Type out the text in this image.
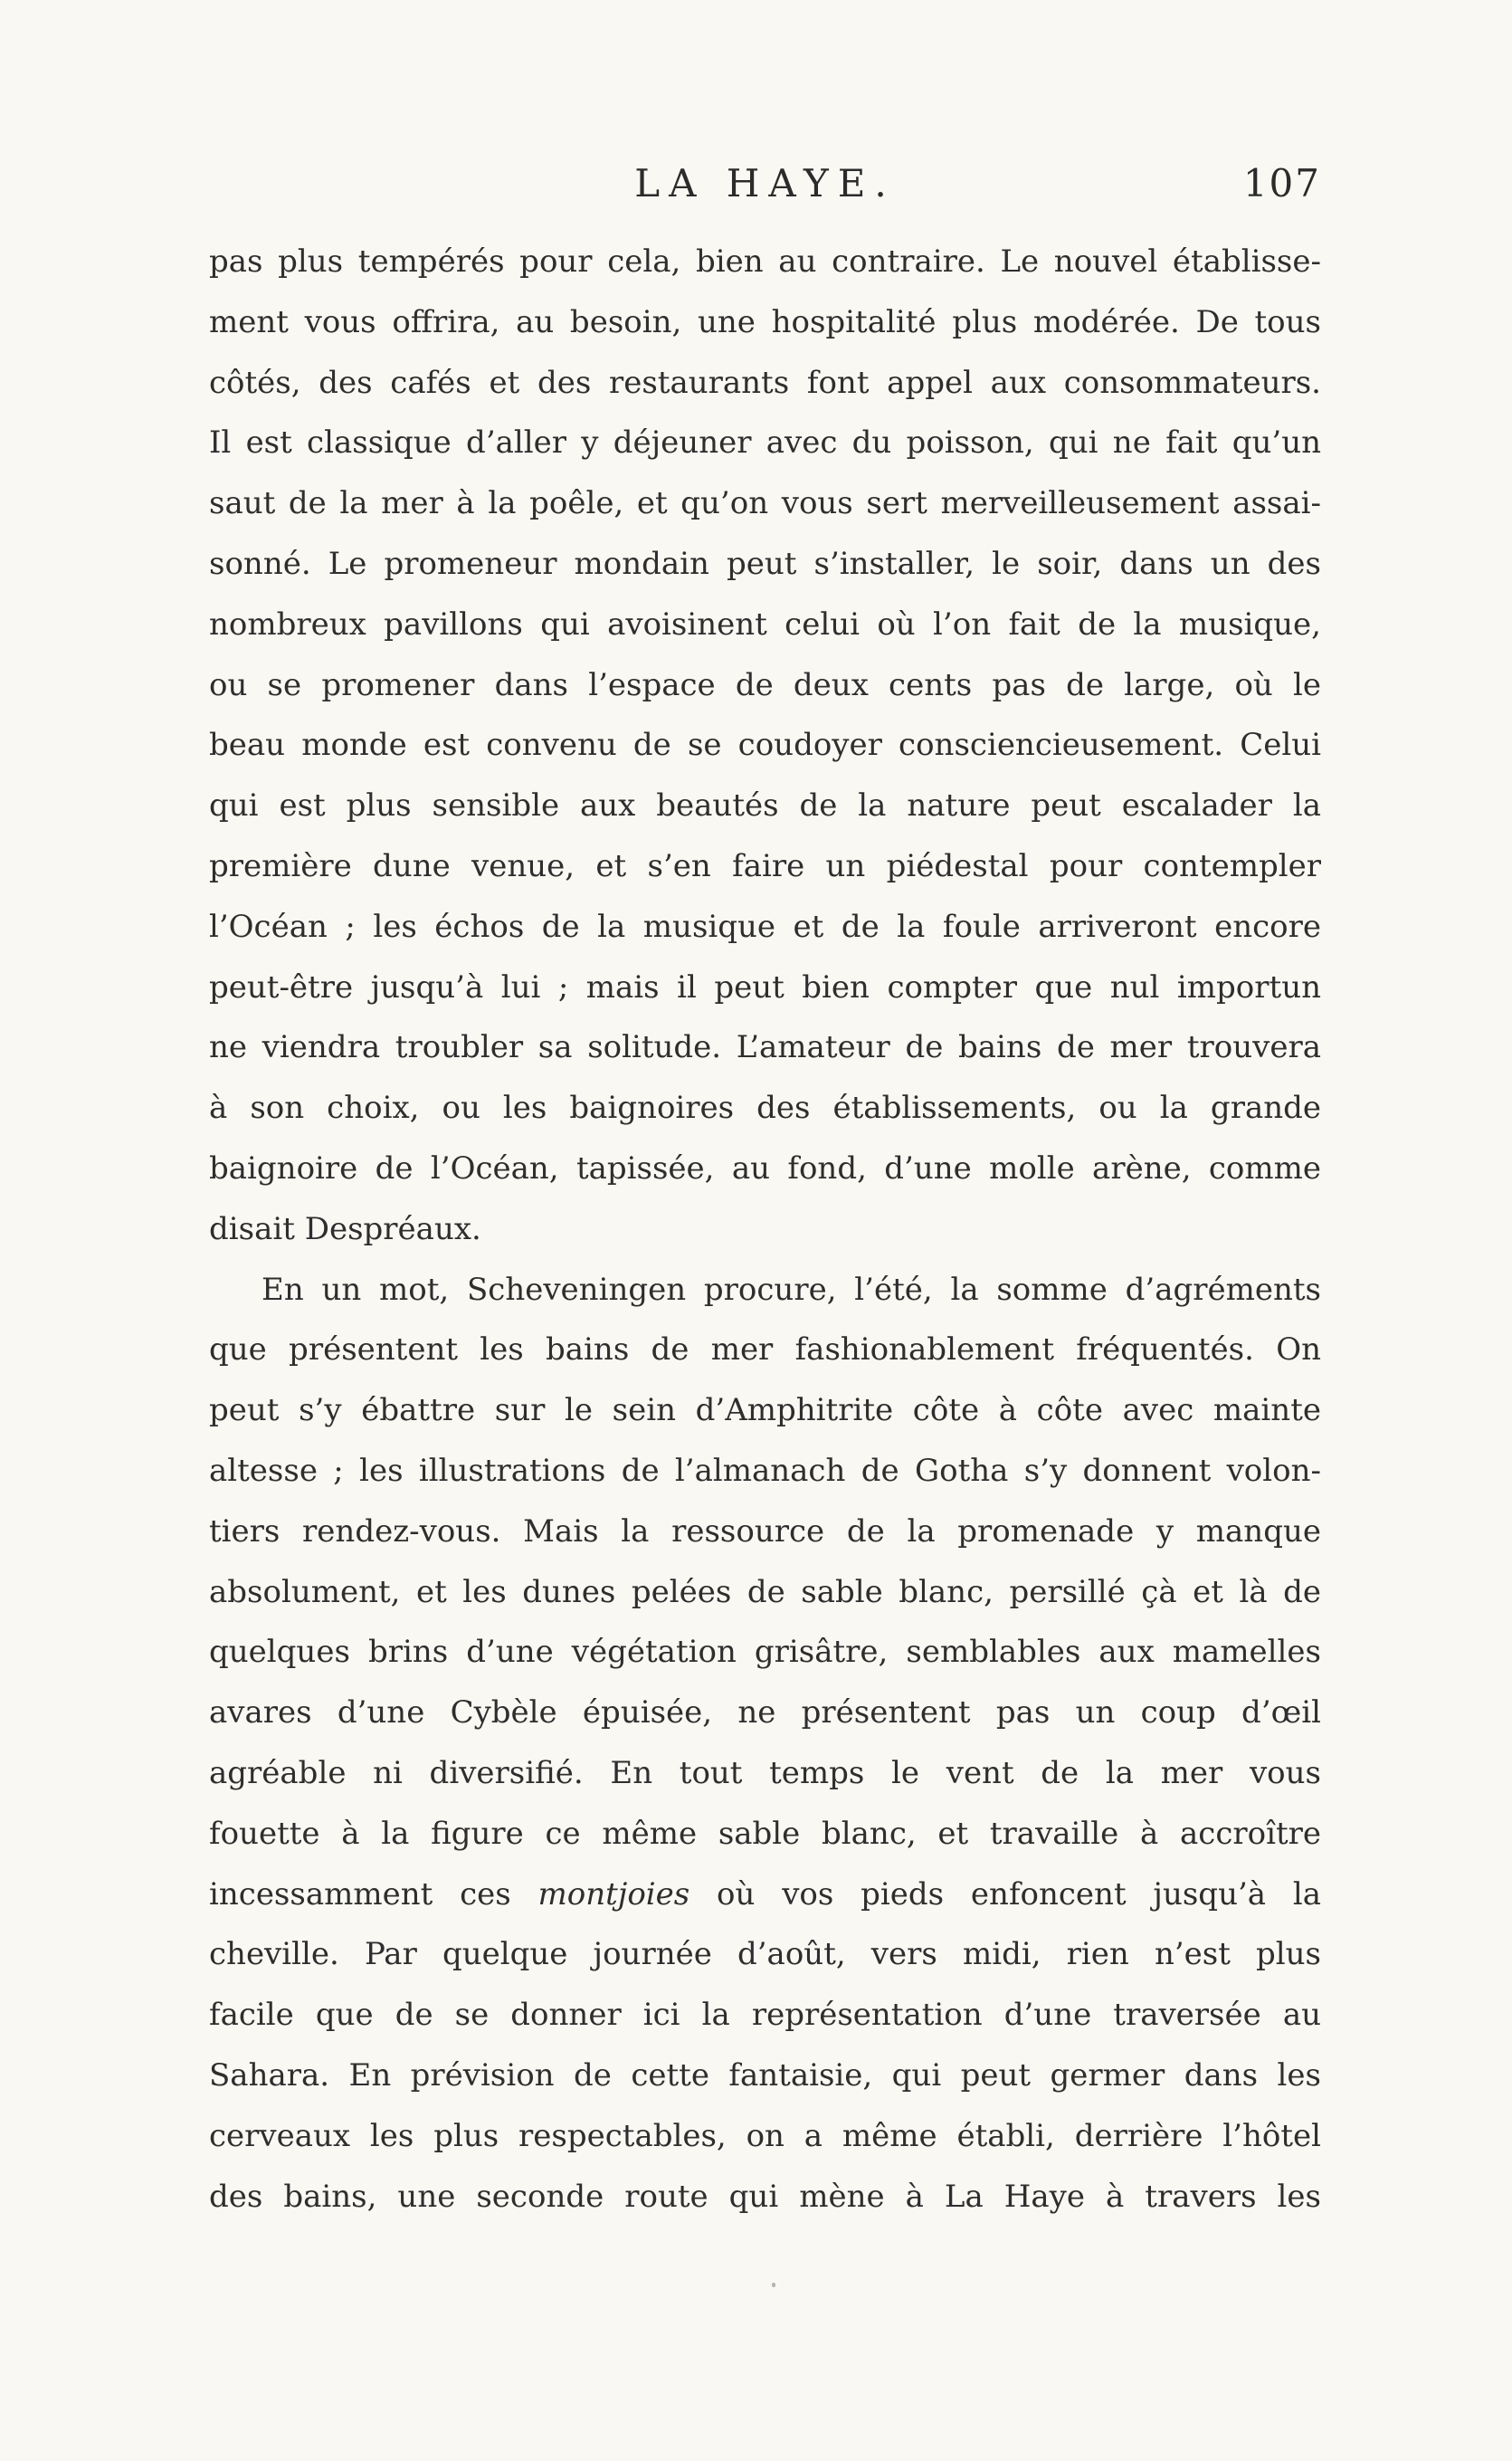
LA HAYE.	107
pas plus tempérés pour cela, bien au contraire. Le nouvel établisse-
ment vous offrira, au besoin, une hospitalité plus modérée. De tous
côtés, des cafés et des restaurants font appel aux consommateurs.
Il est classique d’aller y déjeuner avec du poisson, qui ne fait qu’un
saut de la mer à la poêle, et qu’on vous sert merveilleusement assai-
sonné. Le promeneur mondain peut s’installer, le soir, dans un des
nombreux pavillons qui avoisinent celui où l’on fait de la musique,
ou se promener dans l’espace de deux cents pas de large, où le
beau monde est convenu de se coudoyer consciencieusement. Celui
qui est plus sensible aux beautés de la nature peut escalader la
première dune venue, et s’en faire un piédestal pour contempler
l’Océan ; les échos de la musique et de la foule arriveront encore
peut-être jusqu’à lui ; mais il peut bien compter que nul importun
ne viendra troubler sa solitude. L’amateur de bains de mer trouvera
à son choix, ou les baignoires des établissements, ou la grande
baignoire de l’Océan, tapissée, au fond, d’une molle arène, comme
disait Despréaux.
En un mot, Scheveningen procure, l’été, la somme d’agréments
que présentent les bains de mer fashionablement fréquentés. On
peut s’y ébattre sur le sein d’Amphitrite côte à côte avec mainte
altesse ; les illustrations de l’almanach de Gotha s’y donnent volon-
tiers rendez-vous. Mais la ressource de la promenade y manque
absolument, et les dunes pelées de sable blanc, persillé çà et là de
quelques brins d’une végétation grisâtre, semblables aux mamelles
avares d’une Cybèle épuisée, ne présentent pas un coup d’œil
agréable ni diversifié. En tout temps le vent de la mer vous
fouette à la figure ce même sable blanc, et travaille à accroître
incessamment ces montjoies où vos pieds enfoncent jusqu’à la
cheville. Par quelque journée d’août, vers midi, rien n’est plus
facile que de se donner ici la représentation d’une traversée au
Sahara. En prévision de cette fantaisie, qui peut germer dans les
cerveaux les plus respectables, on a même établi, derrière l’hôtel
des bains, une seconde route qui mène à La Haye à travers les
